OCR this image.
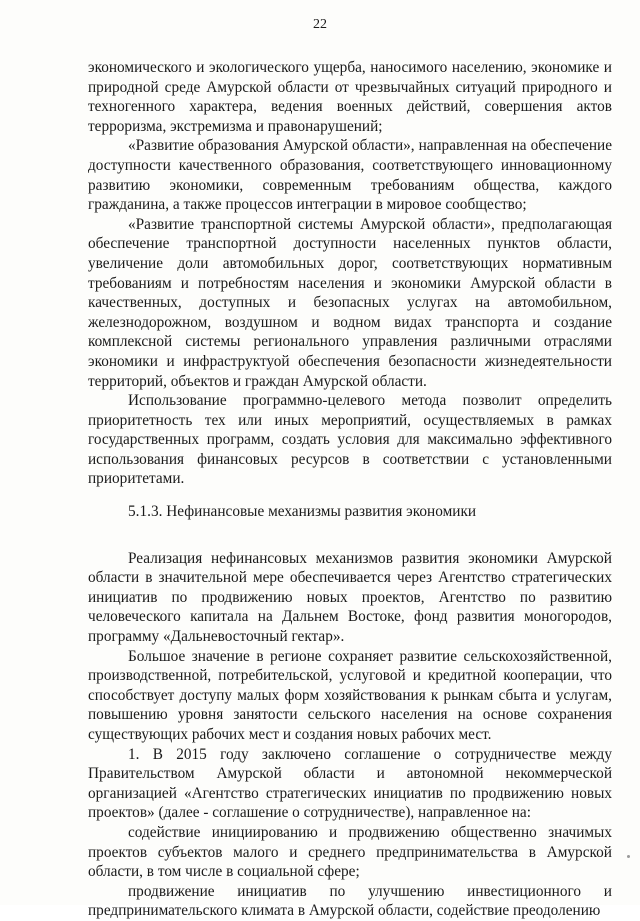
22

экономического и экологического ущерба, наносимого населению, экономике и природной среде Амурской области от чрезвычайных ситуаций природного и техногенного характера, ведения военных действий, совершения актов терроризма, экстремизма и правонарушений;

«Развитие образования Амурской области», направленная на обеспечение доступности качественного образования, соответствующего инновационному развитию экономики, современным требованиям общества, каждого гражданина, а также процессов интеграции в мировое сообщество;

«Развитие транспортной системы Амурской области», предполагающая обеспечение транспортной доступности населенных пунктов области, увеличение доли автомобильных дорог, соответствующих нормативным требованиям и потребностям населения и экономики Амурской области в качественных, доступных и безопасных услугах на автомобильном, железнодорожном, воздушном и водном видах транспорта и создание комплексной системы регионального управления различными отраслями экономики и инфраструктуой обеспечения безопасности жизнедеятельности территорий, объектов и граждан Амурской области.

Использование программно-целевого метода позволит определить приоритетность тех или иных мероприятий, осуществляемых в рамках государственных программ, создать условия для максимально эффективного использования финансовых ресурсов в соответствии с установленными приоритетами.

5.1.3. Нефинансовые механизмы развития экономики

Реализация нефинансовых механизмов развития экономики Амурской области в значительной мере обеспечивается через Агентство стратегических инициатив по продвижению новых проектов, Агентство по развитию человеческого капитала на Дальнем Востоке, фонд развития моногородов, программу «Дальневосточный гектар».

Большое значение в регионе сохраняет развитие сельскохозяйственной, производственной, потребительской, услуговой и кредитной кооперации, что способствует доступу малых форм хозяйствования к рынкам сбыта и услугам, повышению уровня занятости сельского населения на основе сохранения существующих рабочих мест и создания новых рабочих мест.

1. В 2015 году заключено соглашение о сотрудничестве между Правительством Амурской области и автономной некоммерческой организацией «Агентство стратегических инициатив по продвижению новых проектов» (далее - соглашение о сотрудничестве), направленное на:

содействие инициированию и продвижению общественно значимых проектов субъектов малого и среднего предпринимательства в Амурской области, в том числе в социальной сфере;

продвижение инициатив по улучшению инвестиционного и предпринимательского климата в Амурской области, содействие преодолению
